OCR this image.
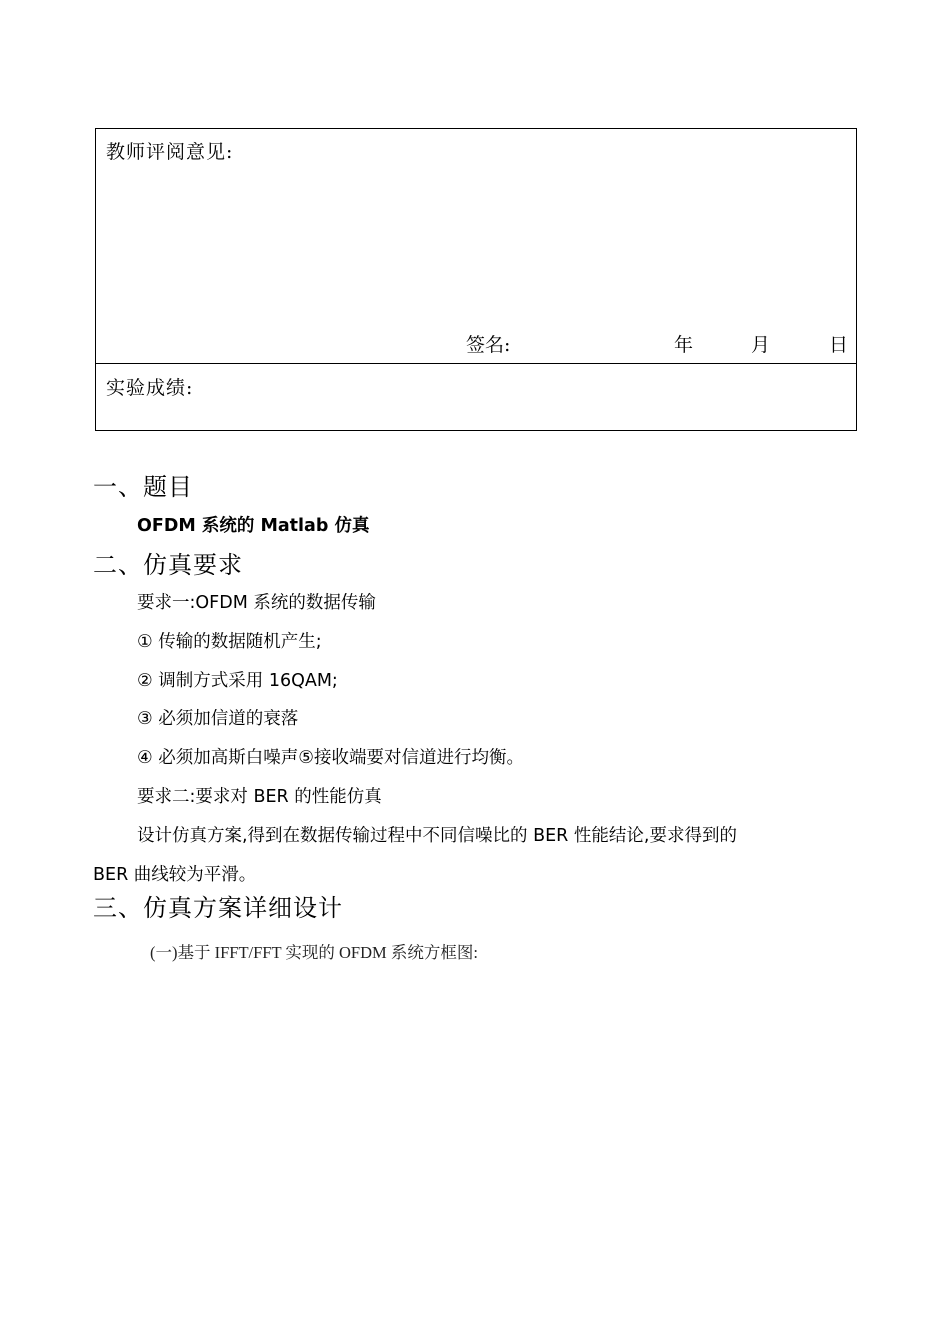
教师评阅意见:
签名:	年	月	日
实验成绩:
一、题目
OFDM 系统的 Matlab 仿真
二、仿真要求
要求一:OFDM 系统的数据传输
① 传输的数据随机产生;
② 调制方式采用 16QAM;
③ 必须加信道的衰落
④ 必须加高斯白噪声⑤接收端要对信道进行均衡。
要求二:要求对 BER 的性能仿真
设计仿真方案,得到在数据传输过程中不同信噪比的 BER 性能结论,要求得到的
BER 曲线较为平滑。
三、仿真方案详细设计
(一)基于 IFFT/FFT 实现的 OFDM 系统方框图:
